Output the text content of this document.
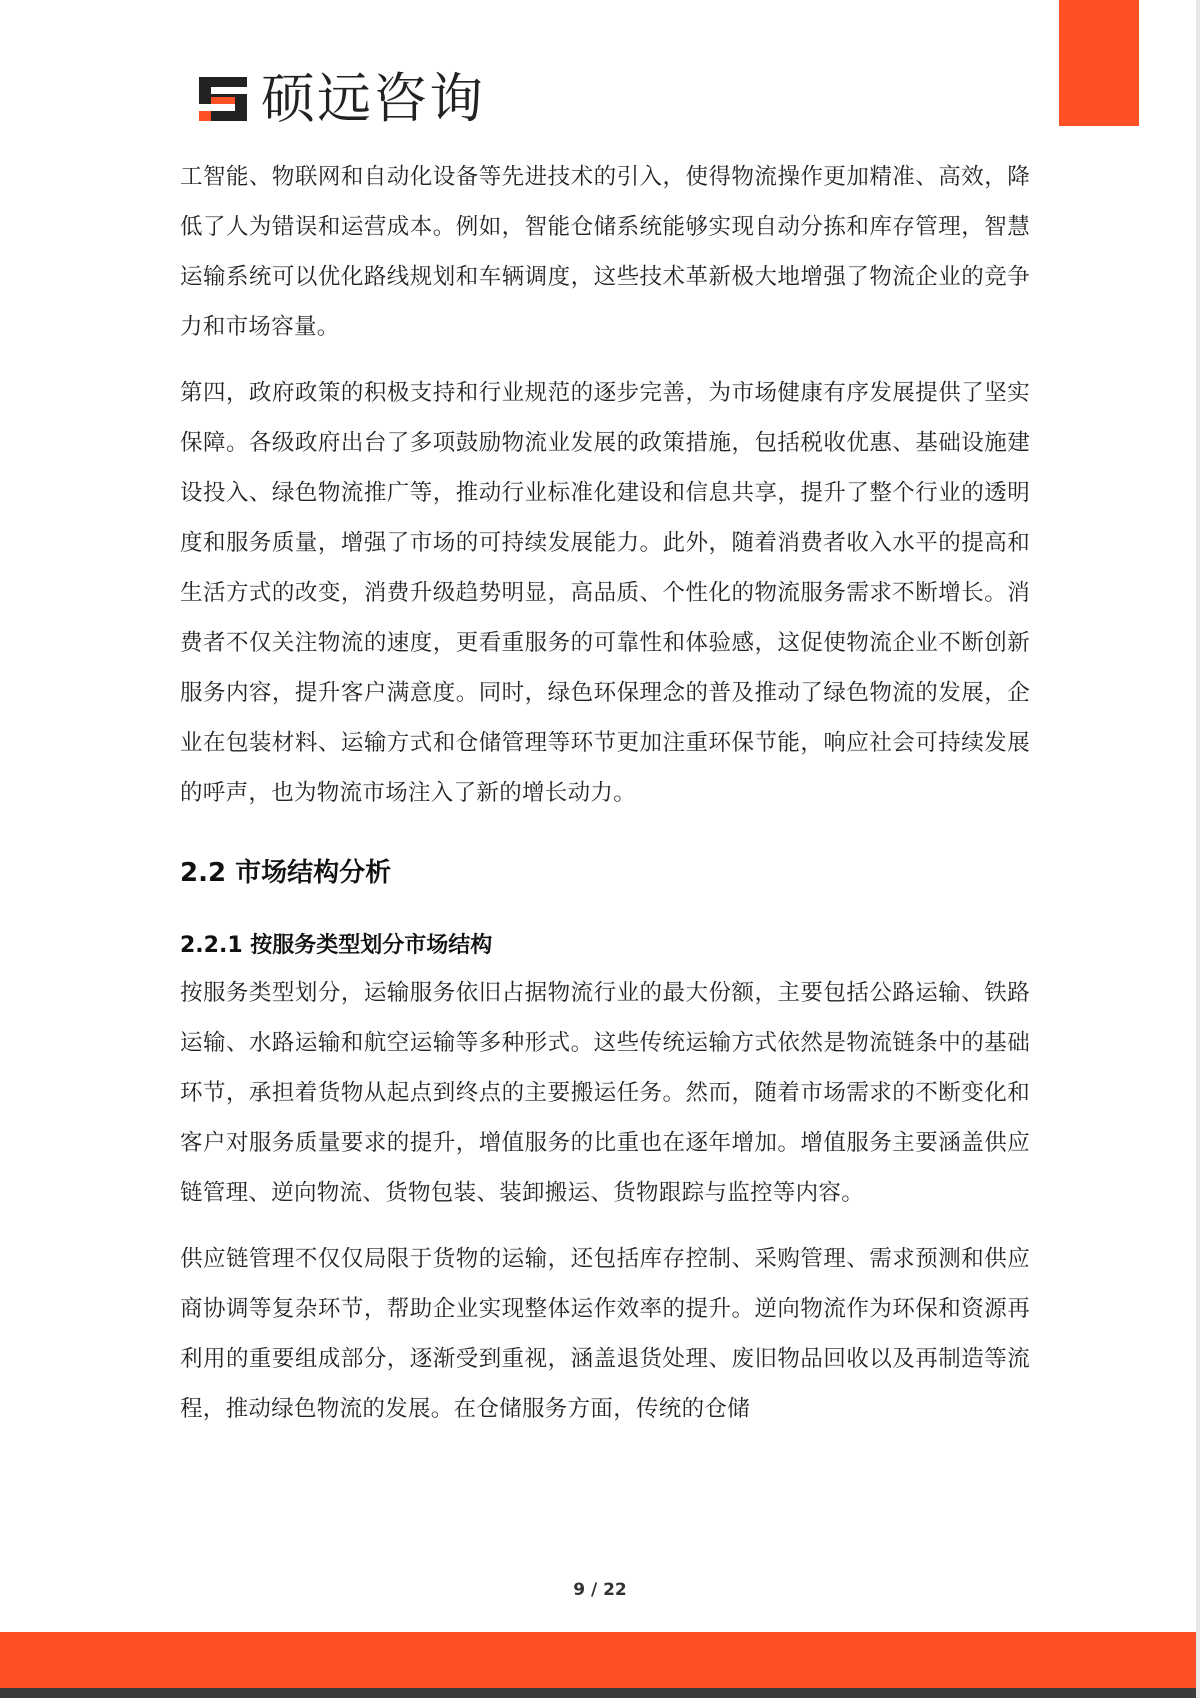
硕远咨询

工智能、物联网和自动化设备等先进技术的引入，使得物流操作更加精准、高效，降低了人为错误和运营成本。例如，智能仓储系统能够实现自动分拣和库存管理，智慧运输系统可以优化路线规划和车辆调度，这些技术革新极大地增强了物流企业的竞争力和市场容量。

第四，政府政策的积极支持和行业规范的逐步完善，为市场健康有序发展提供了坚实保障。各级政府出台了多项鼓励物流业发展的政策措施，包括税收优惠、基础设施建设投入、绿色物流推广等，推动行业标准化建设和信息共享，提升了整个行业的透明度和服务质量，增强了市场的可持续发展能力。此外，随着消费者收入水平的提高和生活方式的改变，消费升级趋势明显，高品质、个性化的物流服务需求不断增长。消费者不仅关注物流的速度，更看重服务的可靠性和体验感，这促使物流企业不断创新服务内容，提升客户满意度。同时，绿色环保理念的普及推动了绿色物流的发展，企业在包装材料、运输方式和仓储管理等环节更加注重环保节能，响应社会可持续发展的呼声，也为物流市场注入了新的增长动力。

2.2 市场结构分析
2.2.1 按服务类型划分市场结构

按服务类型划分，运输服务依旧占据物流行业的最大份额，主要包括公路运输、铁路运输、水路运输和航空运输等多种形式。这些传统运输方式依然是物流链条中的基础环节，承担着货物从起点到终点的主要搬运任务。然而，随着市场需求的不断变化和客户对服务质量要求的提升，增值服务的比重也在逐年增加。增值服务主要涵盖供应链管理、逆向物流、货物包装、装卸搬运、货物跟踪与监控等内容。

供应链管理不仅仅局限于货物的运输，还包括库存控制、采购管理、需求预测和供应商协调等复杂环节，帮助企业实现整体运作效率的提升。逆向物流作为环保和资源再利用的重要组成部分，逐渐受到重视，涵盖退货处理、废旧物品回收以及再制造等流程，推动绿色物流的发展。在仓储服务方面，传统的仓储

9 / 22
